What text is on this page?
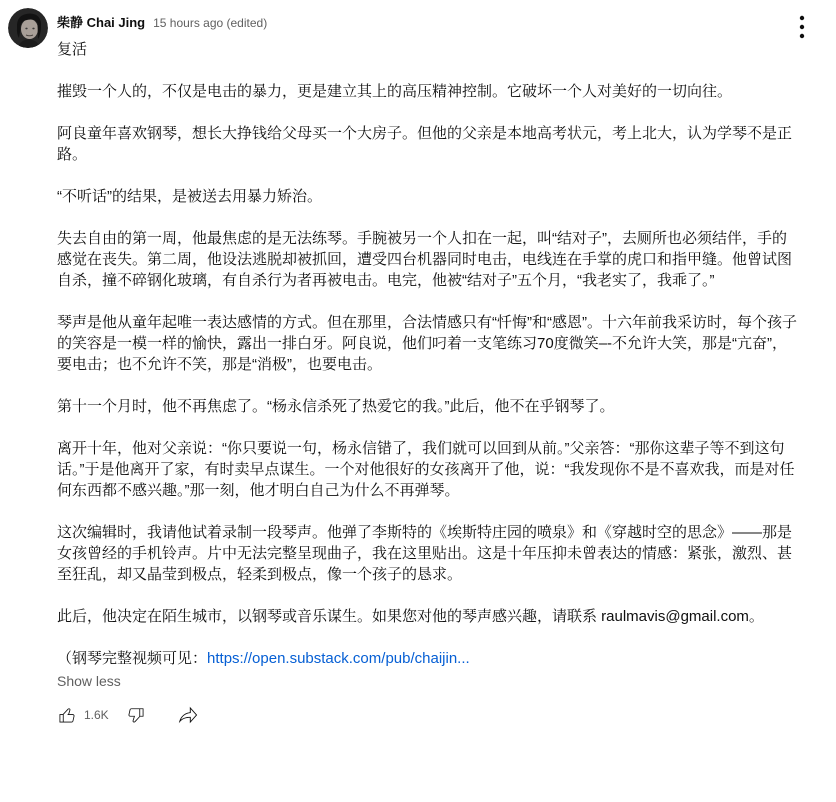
柴静 Chai Jing 15 hours ago (edited)

复活

摧毁一个人的，不仅是电击的暴力，更是建立其上的高压精神控制。它破坏一个人对美好的一切向往。

阿良童年喜欢钢琴，想长大挣钱给父母买一个大房子。但他的父亲是本地高考状元，考上北大，认为学琴不是正路。

“不听话”的结果，是被送去用暴力矫治。

失去自由的第一周，他最焦虑的是无法练琴。手腕被另一个人扣在一起，叫“结对子”，去厕所也必须结伴，手的感觉在丧失。第二周，他设法逃脱却被抓回，遭受四台机器同时电击，电线连在手掌的虎口和指甲缝。他曾试图自杀，撞不碎钢化玻璃，有自杀行为者再被电击。电完，他被“结对子”五个月，“我老实了，我乖了。”

琴声是他从童年起唯一表达感情的方式。但在那里，合法情感只有“忏悔”和“感恩”。十六年前我采访时，每个孩子的笑容是一模一样的愉快，露出一排白牙。阿良说，他们叼着一支笔练习70度微笑–-不允许大笑，那是“亢奋”，要电击；也不允许不笑，那是“消极”，也要电击。

第十一个月时，他不再焦虑了。“杨永信杀死了热爱它的我。”此后，他不在乎钢琴了。

离开十年，他对父亲说：“你只要说一句，杨永信错了，我们就可以回到从前。”父亲答：“那你这辈子等不到这句话。”于是他离开了家，有时卖早点谋生。一个对他很好的女孩离开了他，说：“我发现你不是不喜欢我，而是对任何东西都不感兴趣。”那一刻，他才明白自己为什么不再弹琴。

这次编辑时，我请他试着录制一段琴声。他弹了李斯特的《埃斯特庄园的喷泉》和《穿越时空的思念》——那是女孩曾经的手机铃声。片中无法完整呈现曲子，我在这里贴出。这是十年压抑未曾表达的情感：紧张，激烈、甚至狂乱，却又晶莹到极点，轻柔到极点，像一个孩子的恳求。

此后，他决定在陌生城市，以钢琴或音乐谋生。如果您对他的琴声感兴趣，请联系 raulmavis@gmail.com。

（钢琴完整视频可见：https://open.substack.com/pub/chaijin...

Show less
1.6K
